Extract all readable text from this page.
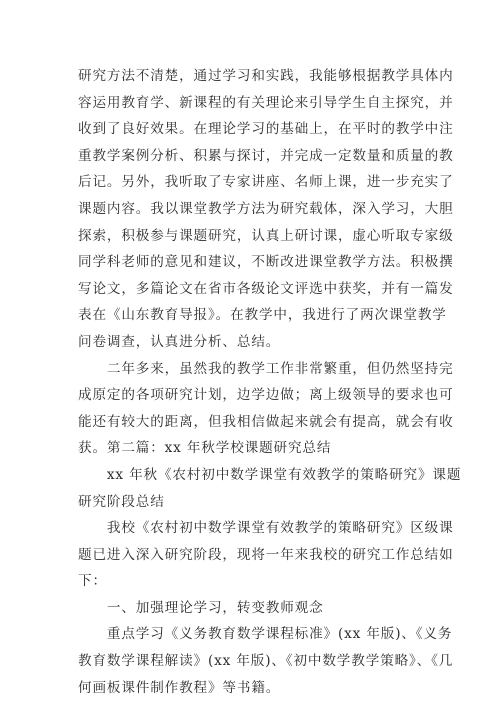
研究方法不清楚，通过学习和实践，我能够根据教学具体内
容运用教育学、新课程的有关理论来引导学生自主探究，并
收到了良好效果。在理论学习的基础上，在平时的教学中注
重教学案例分析、积累与探讨，并完成一定数量和质量的教
后记。另外，我听取了专家讲座、名师上课，进一步充实了
课题内容。我以课堂教学方法为研究载体，深入学习，大胆
探索，积极参与课题研究，认真上研讨课，虚心听取专家级
同学科老师的意见和建议，不断改进课堂教学方法。积极撰
写论文，多篇论文在省市各级论文评选中获奖，并有一篇发
表在《山东教育导报》。在教学中，我进行了两次课堂教学
问卷调查，认真进分析、总结。
　　二年多来，虽然我的教学工作非常繁重，但仍然坚持完
成原定的各项研究计划，边学边做；离上级领导的要求也可
能还有较大的距离，但我相信做起来就会有提高，就会有收
获。第二篇：xx 年秋学校课题研究总结
　　xx 年秋《农村初中数学课堂有效教学的策略研究》课题
研究阶段总结
　　我校《农村初中数学课堂有效教学的策略研究》区级课
题已进入深入研究阶段，现将一年来我校的研究工作总结如
下：
　　一、加强理论学习，转变教师观念
　　重点学习《义务教育数学课程标准》(xx 年版)、《义务
教育数学课程解读》(xx 年版)、《初中数学教学策略》、《几
何画板课件制作教程》等书籍。
